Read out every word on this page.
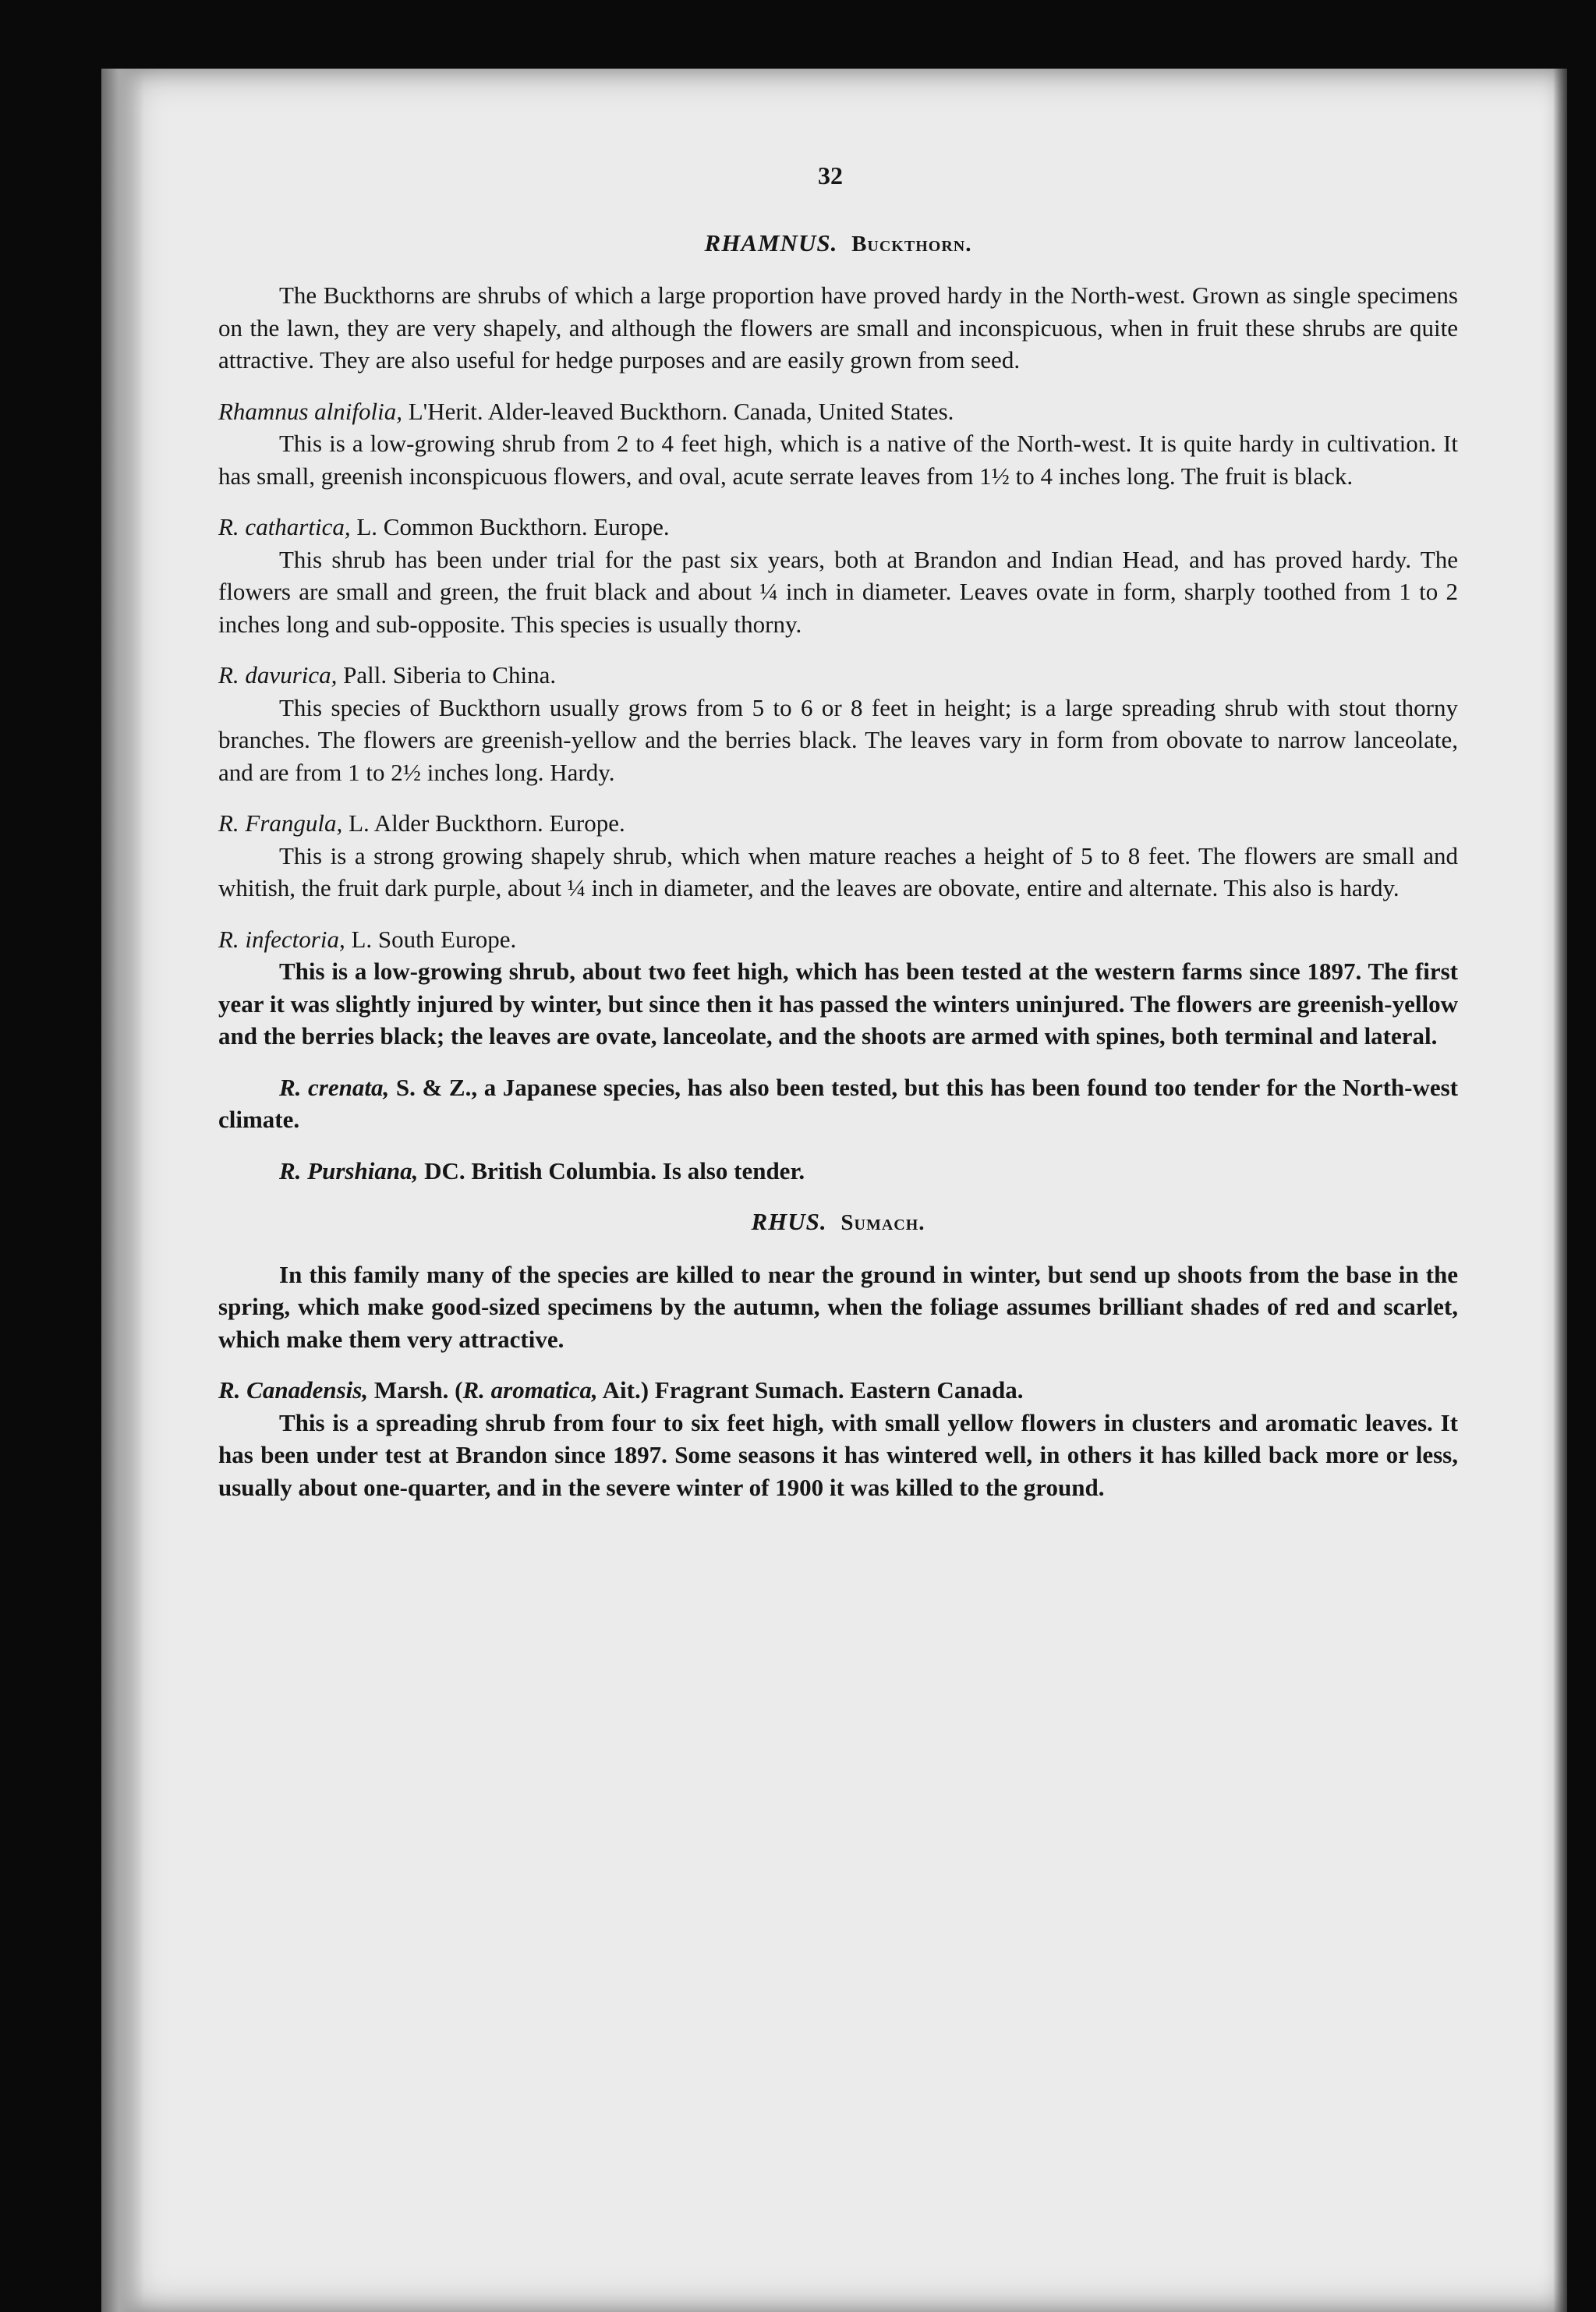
32
RHAMNUS. Buckthorn.

The Buckthorns are shrubs of which a large proportion have proved hardy in the North-west. Grown as single specimens on the lawn, they are very shapely, and although the flowers are small and inconspicuous, when in fruit these shrubs are quite attractive. They are also useful for hedge purposes and are easily grown from seed.

Rhamnus alnifolia, L'Herit. Alder-leaved Buckthorn. Canada, United States.

This is a low-growing shrub from 2 to 4 feet high, which is a native of the North-west. It is quite hardy in cultivation. It has small, greenish inconspicuous flowers, and oval, acute serrate leaves from 1½ to 4 inches long. The fruit is black.

R. cathartica, L. Common Buckthorn. Europe.

This shrub has been under trial for the past six years, both at Brandon and Indian Head, and has proved hardy. The flowers are small and green, the fruit black and about ¼ inch in diameter. Leaves ovate in form, sharply toothed from 1 to 2 inches long and sub-opposite. This species is usually thorny.

R. davurica, Pall. Siberia to China.

This species of Buckthorn usually grows from 5 to 6 or 8 feet in height; is a large spreading shrub with stout thorny branches. The flowers are greenish-yellow and the berries black. The leaves vary in form from obovate to narrow lanceolate, and are from 1 to 2½ inches long. Hardy.

R. Frangula, L. Alder Buckthorn. Europe.

This is a strong growing shapely shrub, which when mature reaches a height of 5 to 8 feet. The flowers are small and whitish, the fruit dark purple, about ¼ inch in diameter, and the leaves are obovate, entire and alternate. This also is hardy.

R. infectoria, L. South Europe.

This is a low-growing shrub, about two feet high, which has been tested at the western farms since 1897. The first year it was slightly injured by winter, but since then it has passed the winters uninjured. The flowers are greenish-yellow and the berries black; the leaves are ovate, lanceolate, and the shoots are armed with spines, both terminal and lateral.

R. crenata, S. & Z., a Japanese species, has also been tested, but this has been found too tender for the North-west climate.

R. Purshiana, DC. British Columbia. Is also tender.

RHUS. Sumach.

In this family many of the species are killed to near the ground in winter, but send up shoots from the base in the spring, which make good-sized specimens by the autumn, when the foliage assumes brilliant shades of red and scarlet, which make them very attractive.

R. Canadensis, Marsh. (R. aromatica, Ait.) Fragrant Sumach. Eastern Canada.

This is a spreading shrub from four to six feet high, with small yellow flowers in clusters and aromatic leaves. It has been under test at Brandon since 1897. Some seasons it has wintered well, in others it has killed back more or less, usually about one-quarter, and in the severe winter of 1900 it was killed to the ground.
